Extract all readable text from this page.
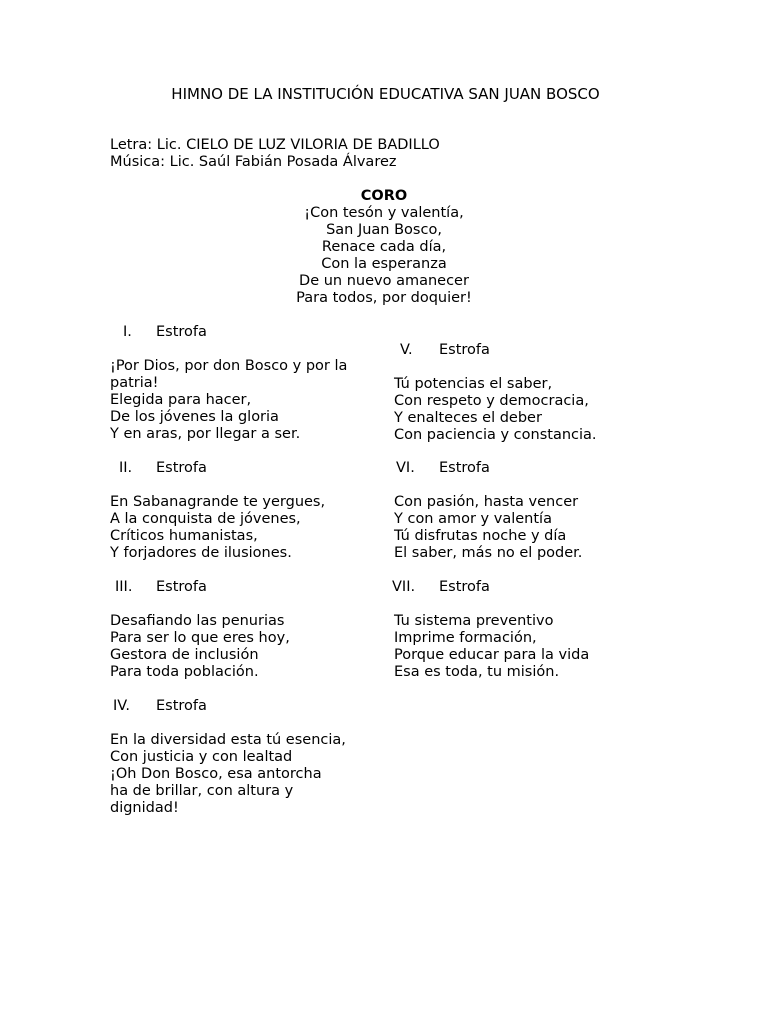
HIMNO DE LA INSTITUCIÓN EDUCATIVA SAN JUAN BOSCO
Letra: Lic. CIELO DE LUZ VILORIA DE BADILLO
Música: Lic. Saúl Fabián Posada Álvarez
CORO
¡Con tesón y valentía,
San Juan Bosco,
Renace cada día,
Con la esperanza
De un nuevo amanecer
Para todos, por doquier!
I. Estrofa
¡Por Dios, por don Bosco y por la
patria!
Elegida para hacer,
De los jóvenes la gloria
Y en aras, por llegar a ser.
II. Estrofa
En Sabanagrande te yergues,
A la conquista de jóvenes,
Críticos humanistas,
Y forjadores de ilusiones.
III. Estrofa
Desafiando las penurias
Para ser lo que eres hoy,
Gestora de inclusión
Para toda población.
IV. Estrofa
En la diversidad esta tú esencia,
Con justicia y con lealtad
¡Oh Don Bosco, esa antorcha
ha de brillar, con altura y
dignidad!
V. Estrofa
Tú potencias el saber,
Con respeto y democracia,
Y enalteces el deber
Con paciencia y constancia.
VI. Estrofa
Con pasión, hasta vencer
Y con amor y valentía
Tú disfrutas noche y día
El saber, más no el poder.
VII. Estrofa
Tu sistema preventivo
Imprime formación,
Porque educar para la vida
Esa es toda, tu misión.
